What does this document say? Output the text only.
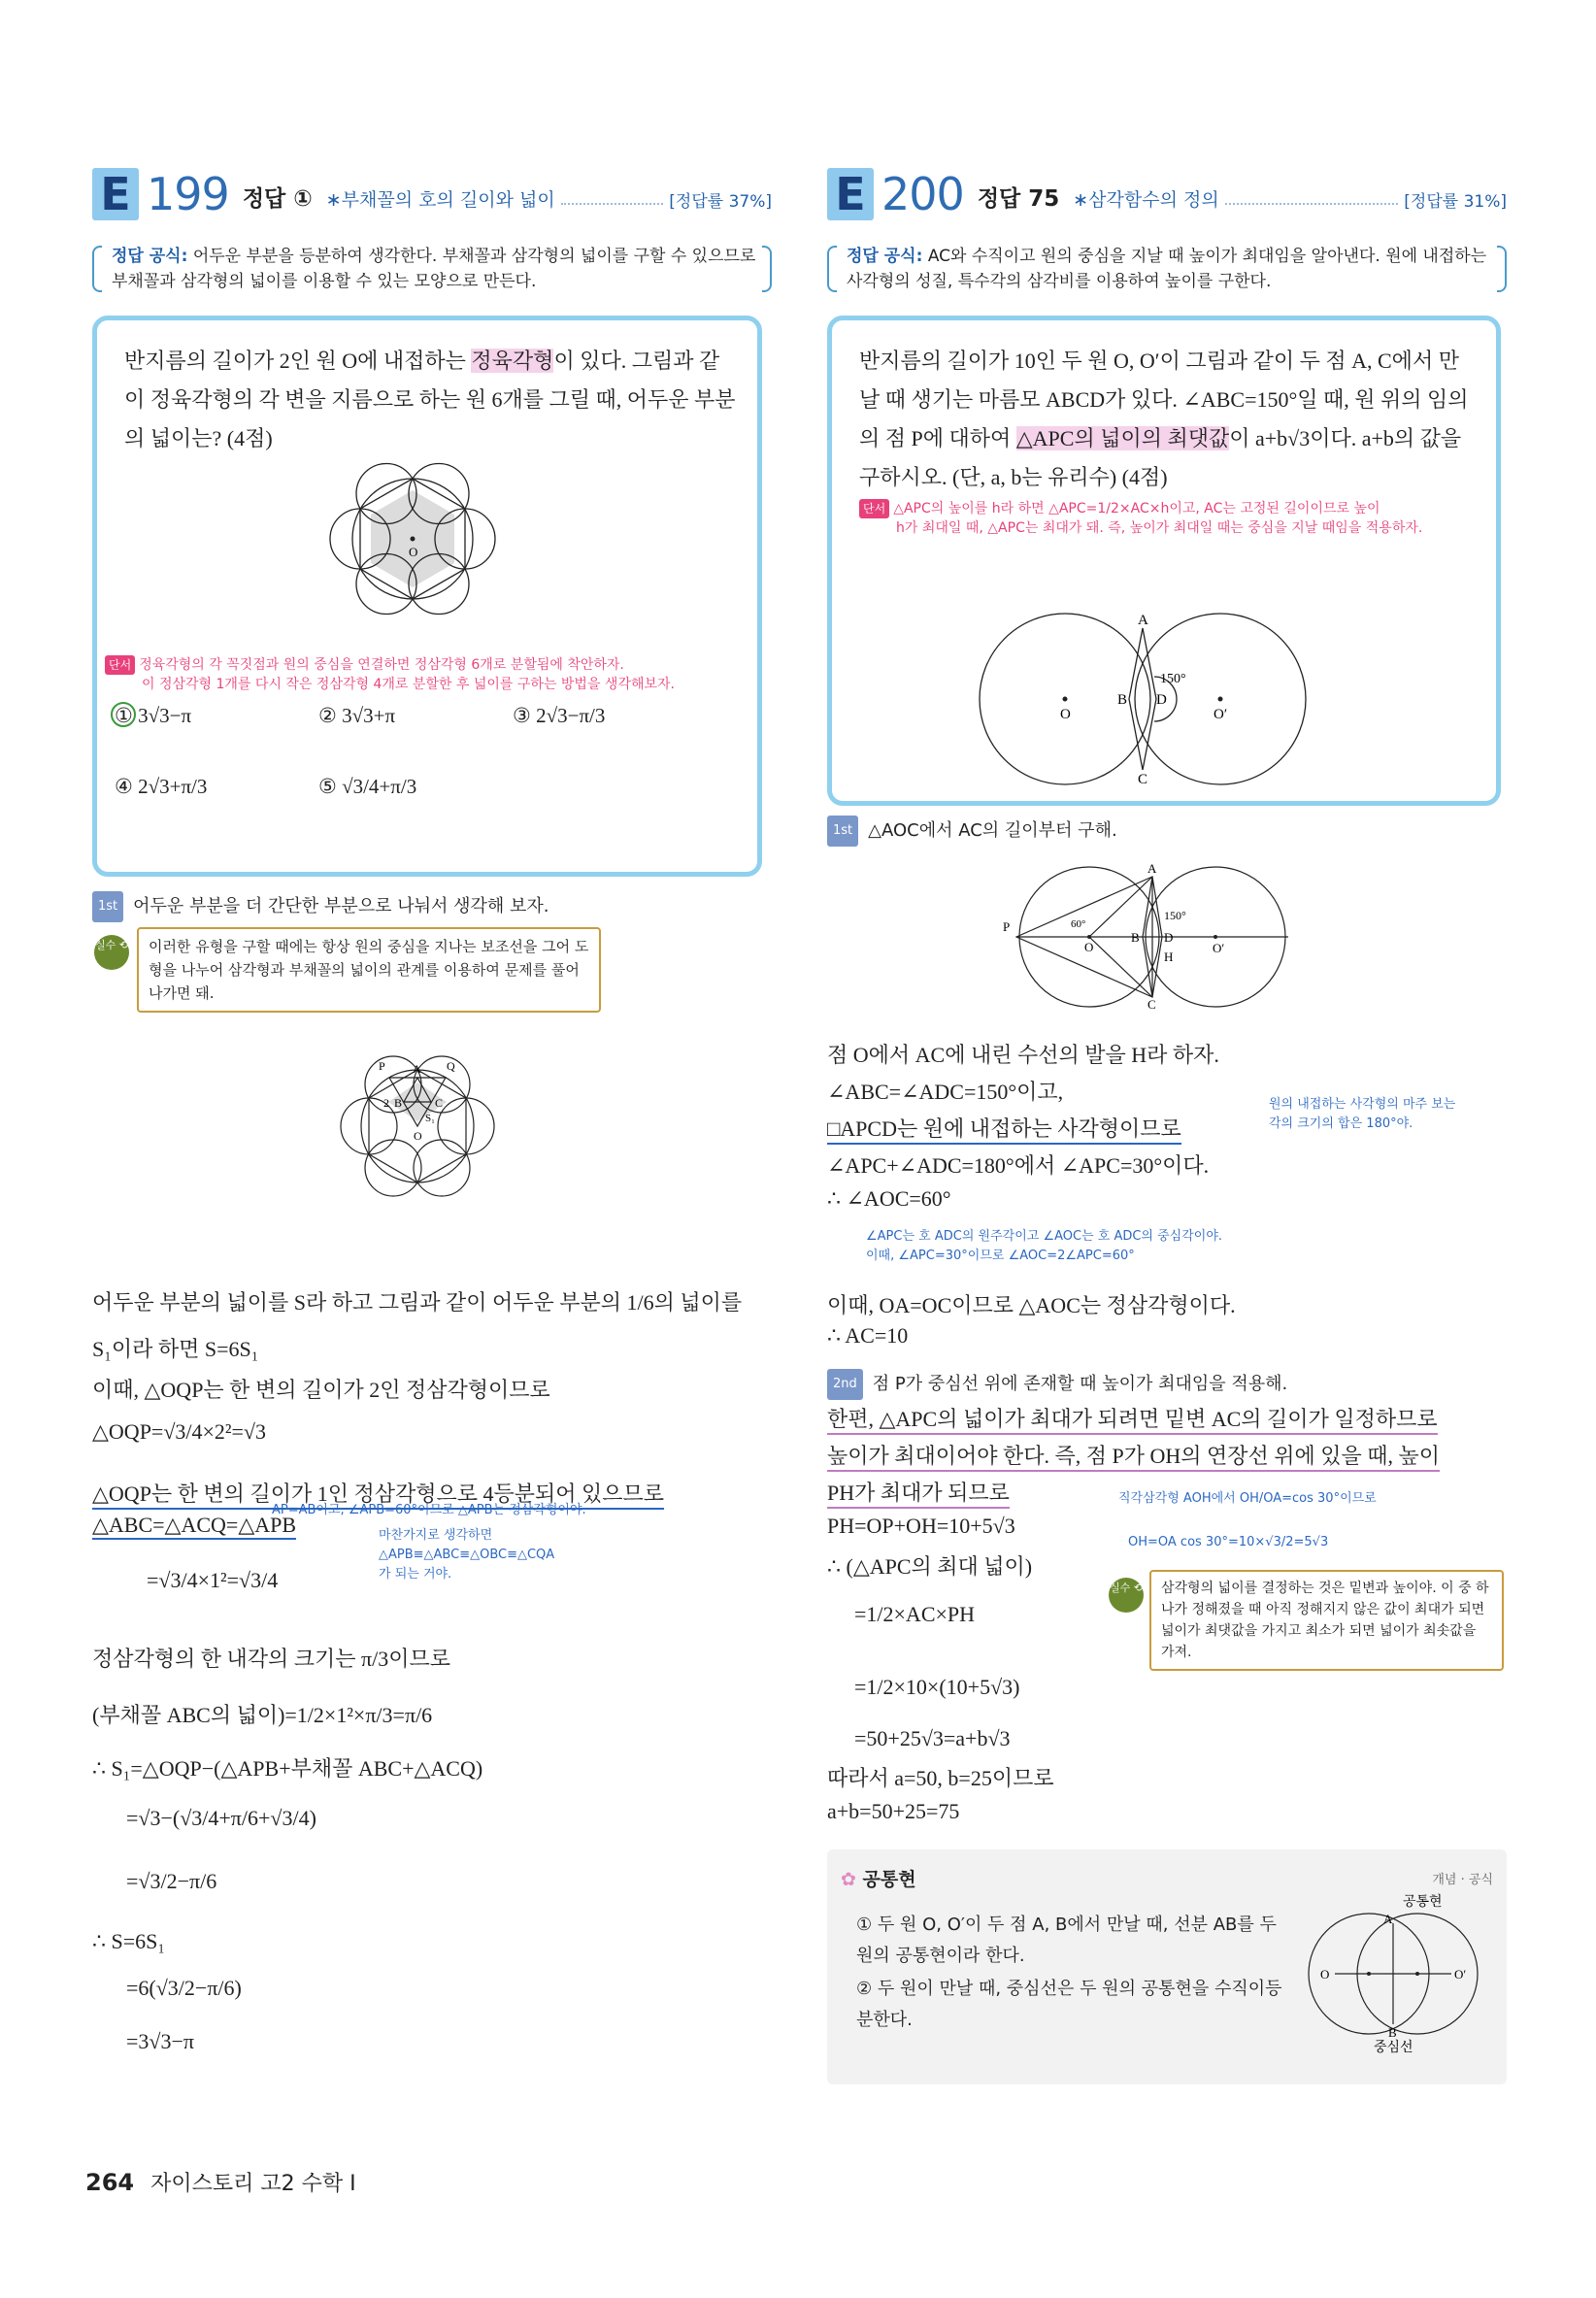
E 199 정답 ① ∗부채꼴의 호의 길이와 넓이	[정답률 37%]
정답 공식: 어두운 부분을 등분하여 생각한다. 부채꼴과 삼각형의 넓이를 구할 수 있으므로 부채꼴과 삼각형의 넓이를 이용할 수 있는 모양으로 만든다.
반지름의 길이가 2인 원 O에 내접하는 정육각형이 있다. 그림과 같이 정육각형의 각 변을 지름으로 하는 원 6개를 그릴 때, 어두운 부분의 넓이는? (4점)
O
단서 정육각형의 각 꼭짓점과 원의 중심을 연결하면 정삼각형 6개로 분할됨에 착안하자.
이 정삼각형 1개를 다시 작은 정삼각형 4개로 분할한 후 넓이를 구하는 방법을 생각해보자.
① 3√3−π	② 3√3+π	③ 2√3−π/3
④ 2√3+π/3	⑤ √3/4+π/3
1st 어두운 부분을 더 간단한 부분으로 나눠서 생각해 보자.
실수 ⟲	이러한 유형을 구할 때에는 항상 원의 중심을 지나는 보조선을 그어 도형을 나누어 삼각형과 부채꼴의 넓이의 관계를 이용하여 문제를 풀어나가면 돼.
P A Q
2 B	C
S₁
O
어두운 부분의 넓이를 S라 하고 그림과 같이 어두운 부분의 1/6의 넓이를
S₁이라 하면 S=6S₁
이때, △OQP는 한 변의 길이가 2인 정삼각형이므로
△OQP=√3/4×2²=√3
△OQP는 한 변의 길이가 1인 정삼각형으로 4등분되어 있으므로
△ABC=△ACQ=△APB
=√3/4×1²=√3/4
정삼각형의 한 내각의 크기는 π/3이므로
(부채꼴 ABC의 넓이)=1/2×1²×π/3=π/6
∴ S₁=△OQP−(△APB+부채꼴 ABC+△ACQ)
=√3−(√3/4+π/6+√3/4)
=√3/2−π/6
∴ S=6S₁
=6(√3/2−π/6)
=3√3−π
AP=AB이고, ∠APB=60°이므로 △APB는 정삼각형이야.
마찬가지로 생각하면
△APB≡△ABC≡△OBC≡△CQA
가 되는 거야.
E 200 정답 75 ∗삼각함수의 정의	[정답률 31%]
정답 공식: AC와 수직이고 원의 중심을 지날 때 높이가 최대임을 알아낸다. 원에 내접하는 사각형의 성질, 특수각의 삼각비를 이용하여 높이를 구한다.
반지름의 길이가 10인 두 원 O, O′이 그림과 같이 두 점 A, C에서 만날 때 생기는 마름모 ABCD가 있다. ∠ABC=150°일 때, 원 위의 임의의 점 P에 대하여 △APC의 넓이의 최댓값이 a+b√3이다. a+b의 값을 구하시오. (단, a, b는 유리수) (4점)
단서 △APC의 높이를 h라 하면 △APC=1/2×AC×h이고, AC는 고정된 길이이므로 높이
h가 최대일 때, △APC는 최대가 돼. 즉, 높이가 최대일 때는 중심을 지날 때임을 적용하자.
A
150°
B D
O	O′
C
1st △AOC에서 AC의 길이부터 구해.
A
150°
P	60°
O
B D
H
O′
C
점 O에서 AC에 내린 수선의 발을 H라 하자.
∠ABC=∠ADC=150°이고,
□APCD는 원에 내접하는 사각형이므로
∠APC+∠ADC=180°에서 ∠APC=30°이다.
∴ ∠AOC=60°
이때, OA=OC이므로 △AOC는 정삼각형이다.
∴ AC=10
한편, △APC의 넓이가 최대가 되려면 밑변 AC의 길이가 일정하므로
높이가 최대이어야 한다. 즉, 점 P가 OH의 연장선 위에 있을 때, 높이
PH가 최대가 되므로
PH=OP+OH=10+5√3
∴ (△APC의 최대 넓이)
=1/2×AC×PH
=1/2×10×(10+5√3)
=50+25√3=a+b√3
따라서 a=50, b=25이므로
a+b=50+25=75
원의 내접하는 사각형의 마주 보는
각의 크기의 합은 180°야.
∠APC는 호 ADC의 원주각이고 ∠AOC는 호 ADC의 중심각이야.
이때, ∠APC=30°이므로 ∠AOC=2∠APC=60°
2nd 점 P가 중심선 위에 존재할 때 높이가 최대임을 적용해.
직각삼각형 AOH에서 OH/OA=cos 30°이므로
OH=OA cos 30°=10×√3/2=5√3
실수 ⟲	삼각형의 넓이를 결정하는 것은 밑변과 높이야. 이 중 하나가 정해졌을 때 아직 정해지지 않은 값이 최대가 되면 넓이가 최댓값을 가지고 최소가 되면 넓이가 최솟값을 가져.
✿ 공통현	개념 · 공식
① 두 원 O, O′이 두 점 A, B에서 만날 때, 선분 AB를 두 원의 공통현이라 한다.
② 두 원이 만날 때, 중심선은 두 원의 공통현을 수직이등분한다.
공통현
A
O	O′
B
중심선
264 자이스토리 고2 수학 I
